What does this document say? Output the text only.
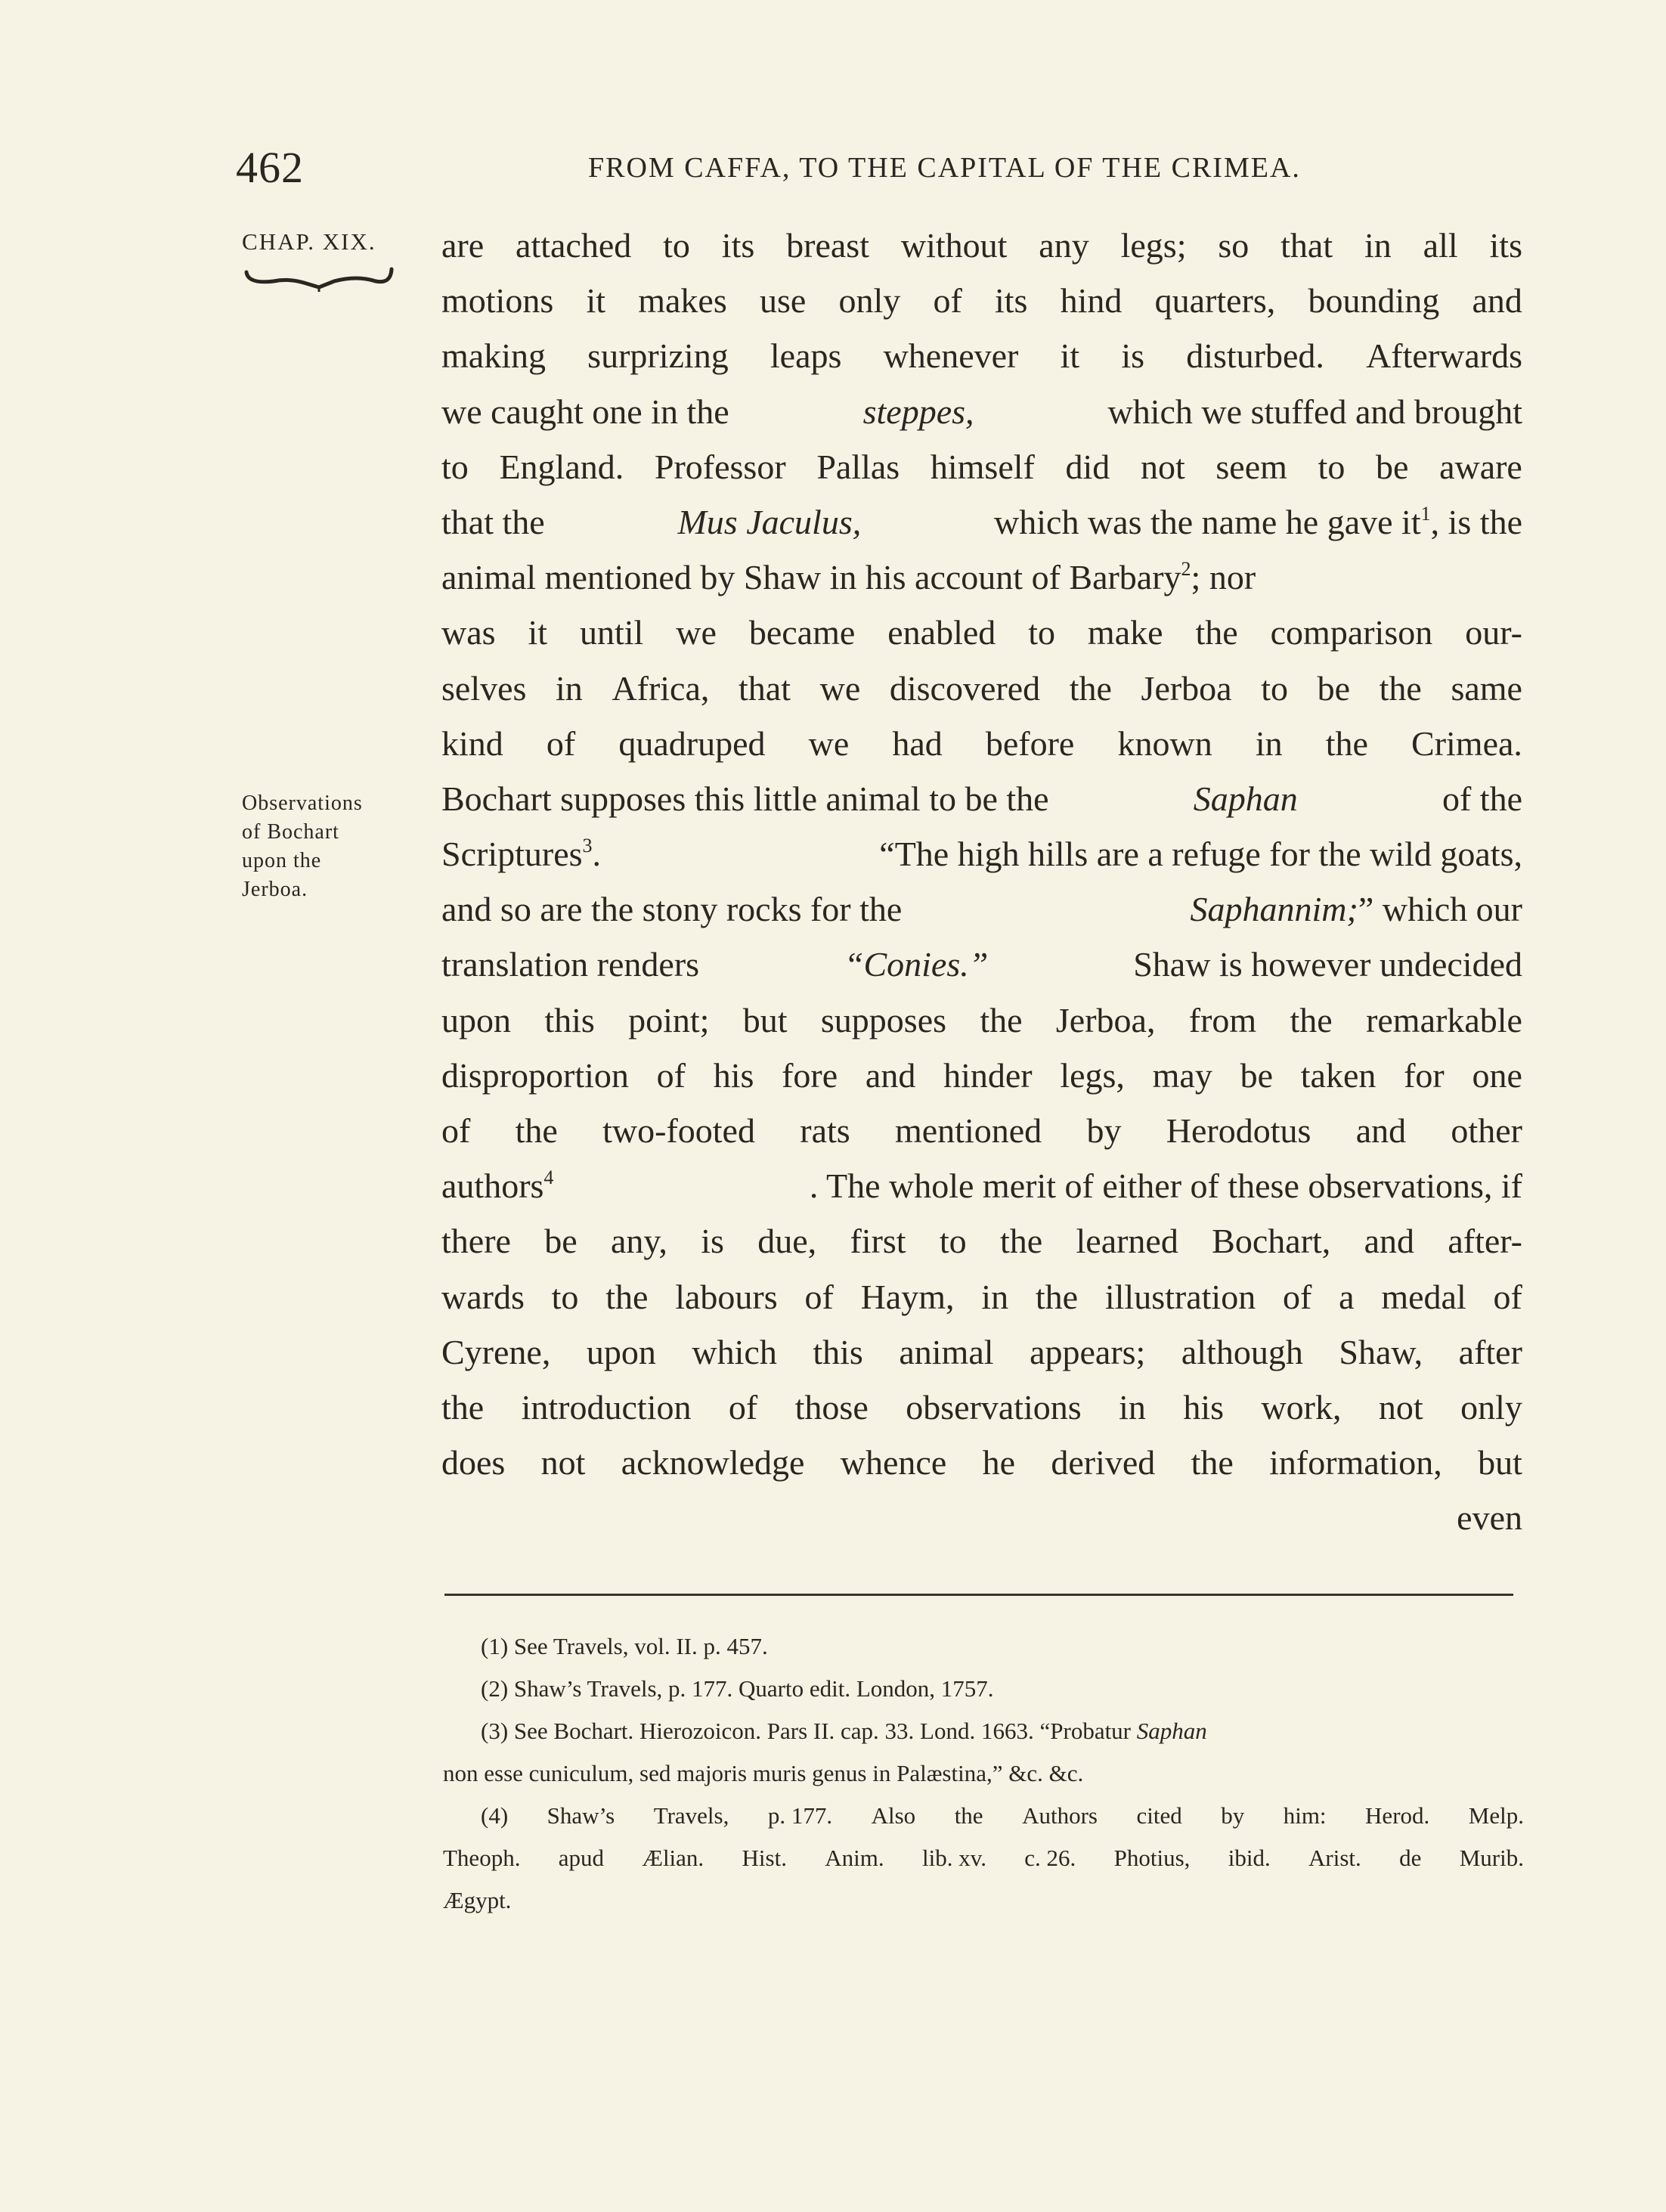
462	FROM CAFFA, TO THE CAPITAL OF THE CRIMEA.
CHAP. XIX.
Observations
of Bochart
upon the
Jerboa.
are attached to its breast without any legs; so that in all its
motions it makes use only of its hind quarters, bounding and
making surprizing leaps whenever it is disturbed. Afterwards
we caught one in the	steppes,	which we stuffed and brought
to England. Professor Pallas himself did not seem to be aware
that the	Mus Jaculus,	which was the name he gave $it^1$, is the
animal mentioned by Shaw in his account of Barbary$^2$; nor
was it until we became enabled to make the comparison our-
selves in Africa, that we discovered the Jerboa to be the same
kind of quadruped we had before known in the Crimea.
Bochart supposes this little animal to be the	Saphan	of the
Scriptures$^3$.	“The high hills are a refuge for the wild goats,
and so are the stony rocks for the	Saphannim;” which our
translation renders	“Conies.”	Shaw is however undecided
upon this point; but supposes the Jerboa, from the remarkable
disproportion of his fore and hinder legs, may be taken for one
of the two-footed rats mentioned by Herodotus and other
authors$^4$	. The whole merit of either of these observations, if
there be any, is due, first to the learned Bochart, and after-
wards to the labours of Haym, in the illustration of a medal of
Cyrene, upon which this animal appears; although Shaw, after
the introduction of those observations in his work, not only
does not acknowledge whence he derived the information, but
even
(1) See Travels, vol. II. p. 457.
(2) Shaw’s Travels, p. 177. Quarto edit. London, 1757.
(3) See Bochart. Hierozoicon. Pars II. cap. 33. Lond. 1663. “Probatur
Saphan
non esse cuniculum, sed majoris muris genus in Palæstina,” &c. &c.
(4) Shaw’s Travels, p. 177. Also the Authors cited by him: Herod. Melp.
Theoph. apud Ælian. Hist. Anim. lib. xv. c. 26. Photius, ibid. Arist. de Murib.
Ægypt.
